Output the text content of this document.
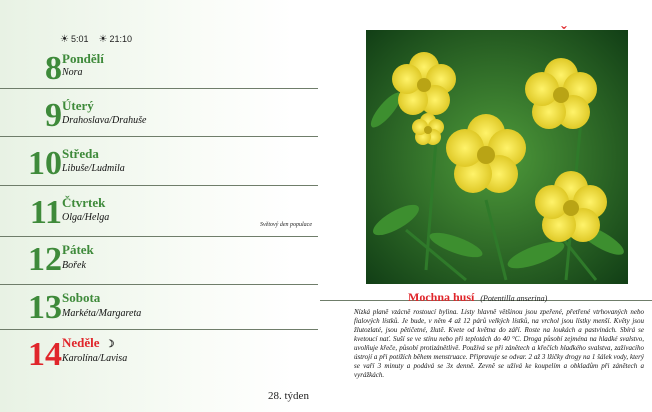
☀ 5:01 ☀ 21:10
8 Pondělí
Nora
9 Úterý
Drahoslava/Drahuše
10 Středa
Libuše/Ludmila
11 Čtvrtek
Olga/Helga
Světový den populace
12 Pátek
Bořek
13 Sobota
Markéta/Margareta
14 Neděle ☽
Karolína/Lavisa
28. týden
Mochna husí (Potentilla anserina)
Nízká planě vzácně rostoucí bylina. Listy hlavně většinou jsou zpeřené, přetřené vtrhovaných nebo fialových lístků. Je bude, v něm 4 až 12 párů velkých lístků, na vrchol jsou lístky menší. Květy jsou žlutozlaté, jsou pětičetné, žlutě. Kvete od května do září. Roste na loukách a pastvinách. Sbírá se kvetoucí nať. Suší se ve stínu nebo při teplotách do 40 °C. Droga působí zejména na hladké svalstvo, uvolňuje křeče, působí protizánětlivě. Používá se při zánětech a křečích hladkého svalstva, zažívacího ústrojí a při potížích během menstruace. Připravuje se odvar. 2 až 3 lžičky drogy na 1 šálek vody, který se vaří 3 minuty a podává se 3x denně. Zevně se užívá ke koupelím a obkladům při zánětech a vyrážkách.
